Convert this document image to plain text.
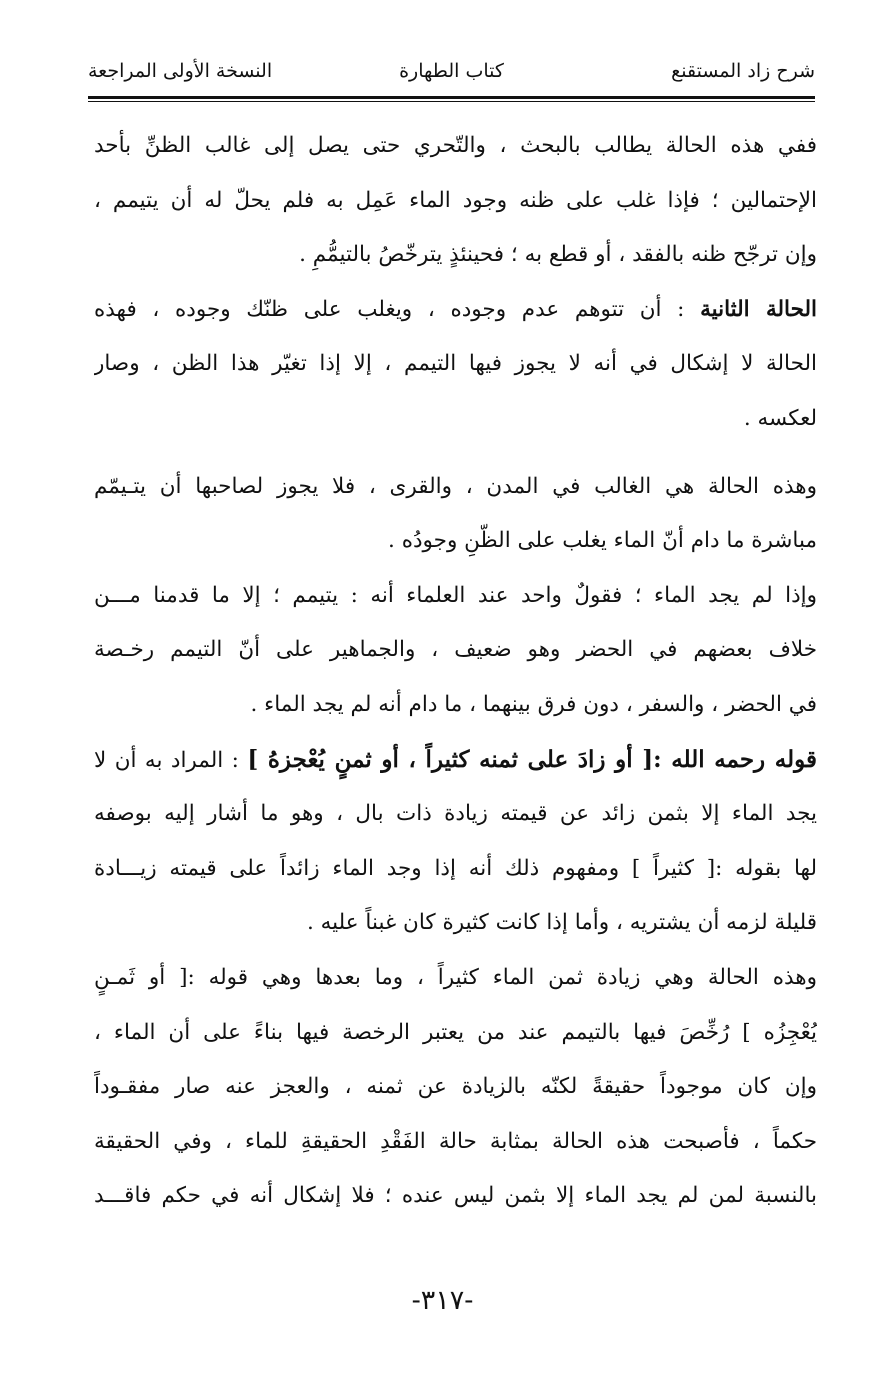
شرح زاد المستقنع
كتاب الطهارة
النسخة الأولى المراجعة
ففي هذه الحالة يطالب بالبحث ، والتّحري حتى يصل إلى غالب الظنِّ بأحد
الإحتمالين ؛ فإذا غلب على ظنه وجود الماء عَمِل به فلم يحلّ له أن يتيمم ،
وإن ترجّح ظنه بالفقد ، أو قطع به ؛ فحينئذٍ يترخّصُ بالتيمُّمِ .
الحالة الثانية : أن تتوهم عدم وجوده ، ويغلب على ظنّك وجوده ، فهذه
الحالة لا إشكال في أنه لا يجوز فيها التيمم ، إلا إذا تغيّر هذا الظن ، وصار
لعكسه .
وهذه الحالة هي الغالب في المدن ، والقرى ، فلا يجوز لصاحبها أن يتـيمّم
مباشرة ما دام أنّ الماء يغلب على الظّنِ وجودُه .
وإذا لم يجد الماء ؛ فقولٌ واحد عند العلماء أنه : يتيمم ؛ إلا ما قدمنا مـــن
خلاف بعضهم في الحضر وهو ضعيف ، والجماهير على أنّ التيمم رخـصة
في الحضر ، والسفر ، دون فرق بينهما ، ما دام أنه لم يجد الماء .
قوله رحمه الله :[ أو زادَ على ثمنه كثيراً ، أو ثمنٍ يُعْجزهُ ] : المراد به أن لا
يجد الماء إلا بثمن زائد عن قيمته زيادة ذات بال ، وهو ما أشار إليه بوصفه
لها بقوله :[ كثيراً ] ومفهوم ذلك أنه إذا وجد الماء زائداً على قيمته زيـــادة
قليلة لزمه أن يشتريه ، وأما إذا كانت كثيرة كان غبناً عليه .
وهذه الحالة وهي زيادة ثمن الماء كثيراً ، وما بعدها وهي قوله :[ أو ثَمـنٍ
يُعْجِزُه ] رُخِّصَ فيها بالتيمم عند من يعتبر الرخصة فيها بناءً على أن الماء ،
وإن كان موجوداً حقيقةً لكنّه بالزيادة عن ثمنه ، والعجز عنه صار مفقـوداً
حكماً ، فأصبحت هذه الحالة بمثابة حالة الفَقْدِ الحقيقةِ للماء ، وفي الحقيقة
بالنسبة لمن لم يجد الماء إلا بثمن ليس عنده ؛ فلا إشكال أنه في حكم فاقـــد
-٣١٧-
